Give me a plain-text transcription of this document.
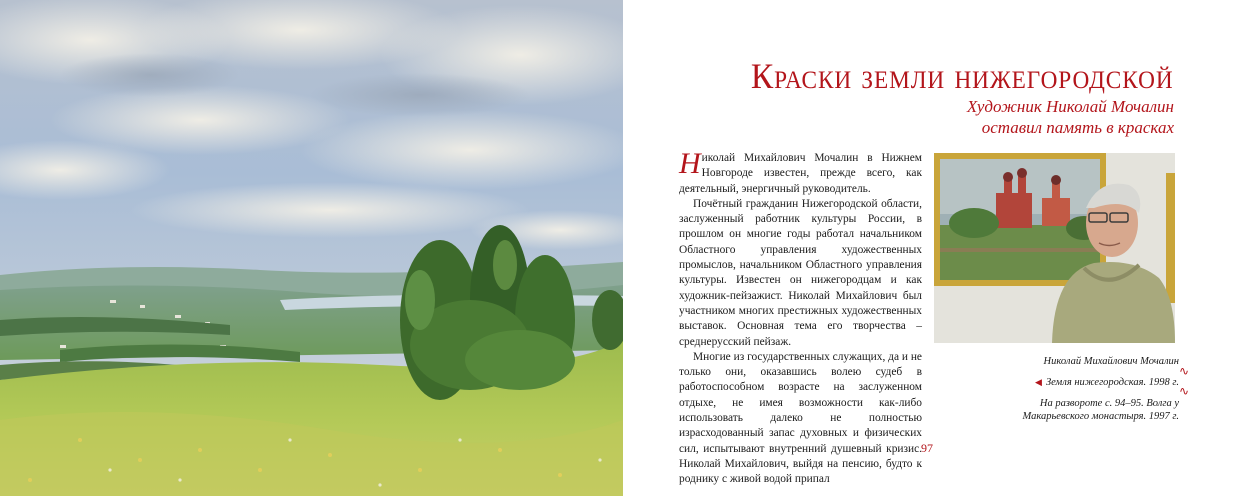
Краски земли нижегородской
Художник Николай Мочалин
оставил память в красках

Николай Михайлович Мочалин в Нижнем Новгороде известен, прежде всего, как деятельный, энергичный руководитель.

Почётный гражданин Нижегородской области, заслуженный работник культуры России, в прошлом он многие годы работал начальником Областного управления художественных промыслов, начальником Областного управления культуры. Известен он нижегородцам и как художник-пейзажист. Николай Михайлович был участником многих престижных художественных выставок. Основная тема его творчества – среднерусский пейзаж.

Многие из государственных служащих, да и не только они, оказавшись волею судеб в работоспособном возрасте на заслуженном отдыхе, не имея возможности как-либо использовать далеко не полностью израсходованный запас духовных и физических сил, испытывают внутренний душевный кризис. Николай Михайлович, выйдя на пенсию, будто к роднику с живой водой припал

Николай Михайлович Мочалин
∿
◀ Земля нижегородская. 1998 г.
∿
На развороте с. 94–95. Волга у Макарьевского монастыря. 1997 г.
97
